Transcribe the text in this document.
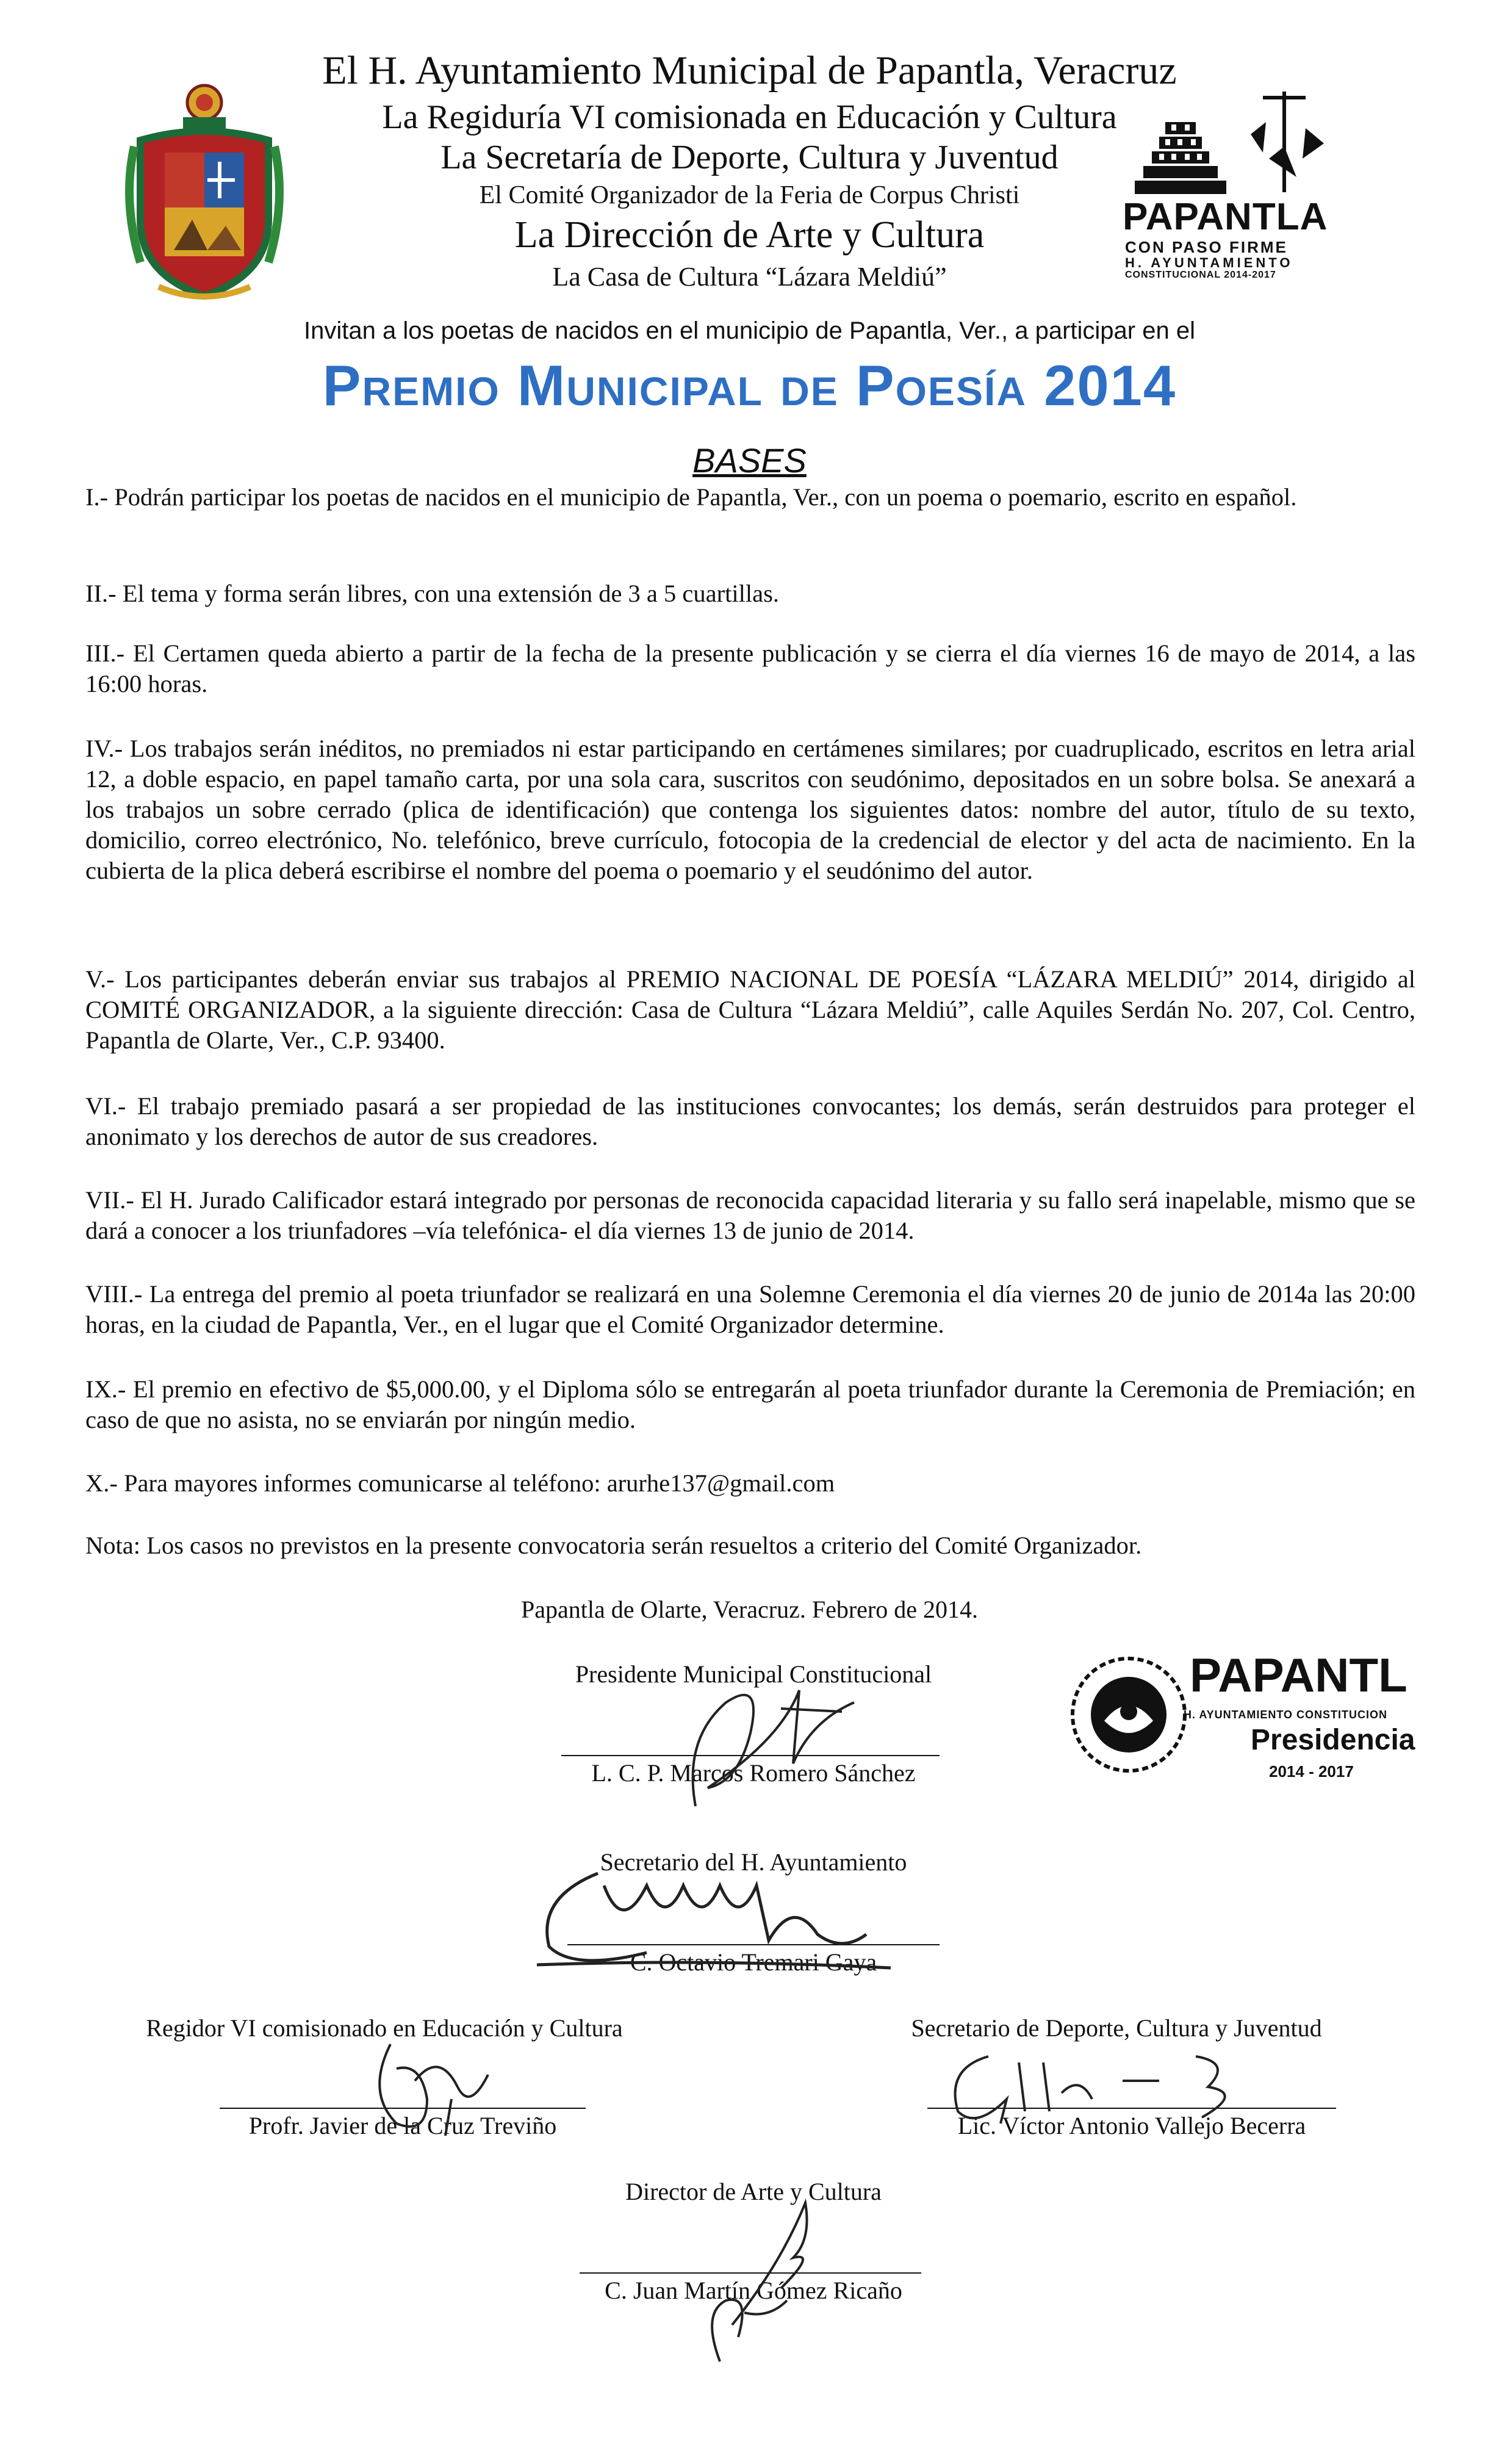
El H. Ayuntamiento Municipal de Papantla, Veracruz
La Regiduría VI comisionada en Educación y Cultura
La Secretaría de Deporte, Cultura y Juventud
El Comité Organizador de la Feria de Corpus Christi
La Dirección de Arte y Cultura
La Casa de Cultura “Lázara Meldiú”
PAPANTLA
CON PASO FIRME
H. AYUNTAMIENTO
CONSTITUCIONAL 2014-2017
Invitan a los poetas de nacidos en el municipio de Papantla, Ver., a participar en el
Premio Municipal de Poesía 2014
BASES
I.- Podrán participar los poetas de nacidos en el municipio de Papantla, Ver., con un poema o poemario, escrito en español.
II.- El tema y forma serán libres, con una extensión de 3 a 5 cuartillas.
III.- El Certamen queda abierto a partir de la fecha de la presente publicación y se cierra el día viernes 16 de mayo de 2014, a las 16:00 horas.
IV.- Los trabajos serán inéditos, no premiados ni estar participando en certámenes similares; por cuadruplicado, escritos en letra arial 12, a doble espacio, en papel tamaño carta, por una sola cara, suscritos con seudónimo, depositados en un sobre bolsa. Se anexará a los trabajos un sobre cerrado (plica de identificación) que contenga los siguientes datos: nombre del autor, título de su texto, domicilio, correo electrónico, No. telefónico, breve currículo, fotocopia de la credencial de elector y del acta de nacimiento. En la cubierta de la plica deberá escribirse el nombre del poema o poemario y el seudónimo del autor.
V.- Los participantes deberán enviar sus trabajos al PREMIO NACIONAL DE POESÍA “LÁZARA MELDIÚ” 2014, dirigido al COMITÉ ORGANIZADOR, a la siguiente dirección: Casa de Cultura “Lázara Meldiú”, calle Aquiles Serdán No. 207, Col. Centro, Papantla de Olarte, Ver., C.P. 93400.
VI.- El trabajo premiado pasará a ser propiedad de las instituciones convocantes; los demás, serán destruidos para proteger el anonimato y los derechos de autor de sus creadores.
VII.- El H. Jurado Calificador estará integrado por personas de reconocida capacidad literaria y su fallo será inapelable, mismo que se dará a conocer a los triunfadores –vía telefónica- el día viernes 13 de junio de 2014.
VIII.- La entrega del premio al poeta triunfador se realizará en una Solemne Ceremonia el día viernes 20 de junio de 2014a las 20:00 horas, en la ciudad de Papantla, Ver., en el lugar que el Comité Organizador determine.
IX.- El premio en efectivo de $5,000.00, y el Diploma sólo se entregarán al poeta triunfador durante la Ceremonia de Premiación; en caso de que no asista, no se enviarán por ningún medio.
X.- Para mayores informes comunicarse al teléfono: arurhe137@gmail.com
Nota: Los casos no previstos en la presente convocatoria serán resueltos a criterio del Comité Organizador.
Papantla de Olarte, Veracruz. Febrero de 2014.
Presidente Municipal Constitucional
L. C. P. Marcos Romero Sánchez
PAPANTL
H. AYUNTAMIENTO CONSTITUCION
Presidencia
2014 - 2017
Secretario del H. Ayuntamiento
C. Octavio Tremari Gaya
Regidor VI comisionado en Educación y Cultura
Profr. Javier de la Cruz Treviño
Secretario de Deporte, Cultura y Juventud
Lic. Víctor Antonio Vallejo Becerra
Director de Arte y Cultura
C. Juan Martín Gómez Ricaño
